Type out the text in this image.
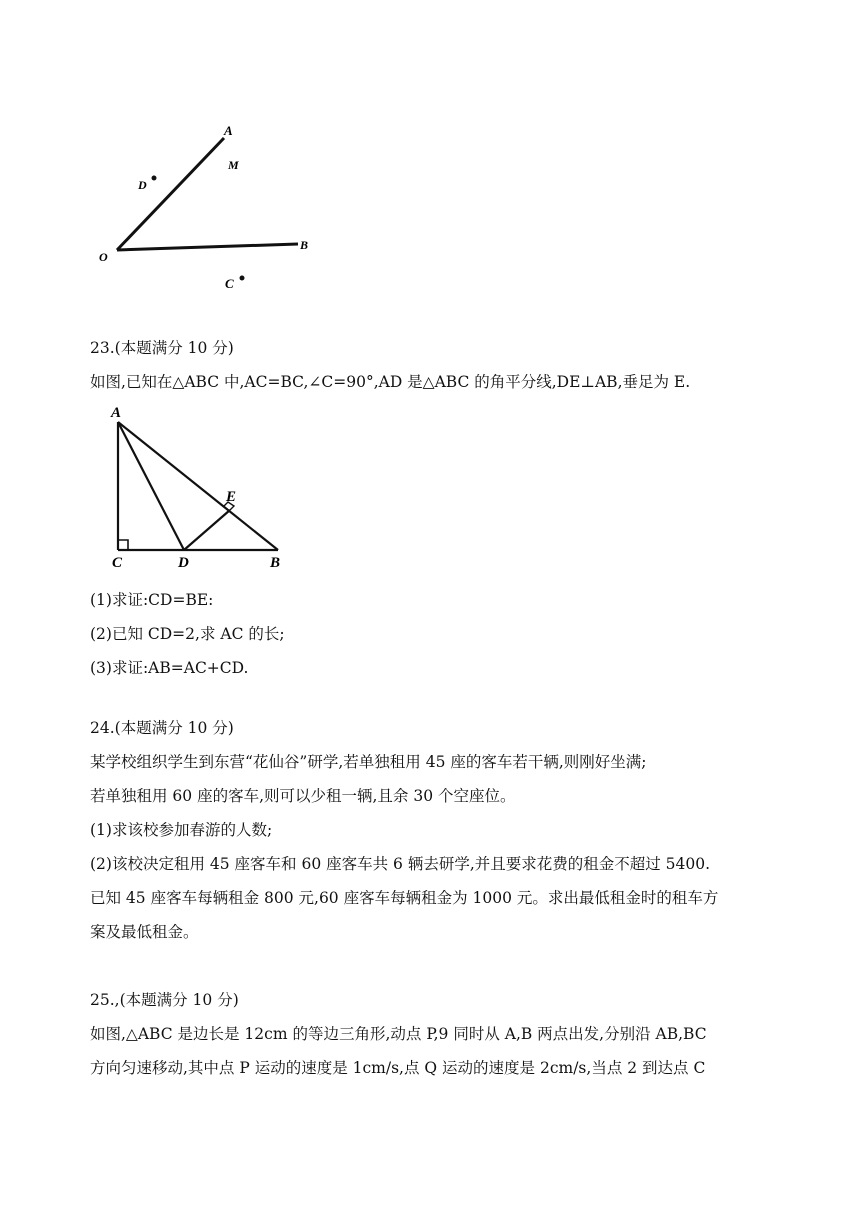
A
M
D
O
B
C
23.(本题满分 10 分)
如图,已知在△ABC 中,AC=BC,∠C=90°,AD 是△ABC 的角平分线,DE⊥AB,垂足为 E.
A
E
C	D	B
(1)求证:CD=BE:
(2)已知 CD=2,求 AC 的长;
(3)求证:AB=AC+CD.
24.(本题满分 10 分)
某学校组织学生到东营“花仙谷”研学,若单独租用 45 座的客车若干辆,则刚好坐满;
若单独租用 60 座的客车,则可以少租一辆,且余 30 个空座位。
(1)求该校参加春游的人数;
(2)该校决定租用 45 座客车和 60 座客车共 6 辆去研学,并且要求花费的租金不超过 5400.
已知 45 座客车每辆租金 800 元,60 座客车每辆租金为 1000 元。求出最低租金时的租车方
案及最低租金。
25.,(本题满分 10 分)
如图,△ABC 是边长是 12cm 的等边三角形,动点 P,9 同时从 A,B 两点出发,分别沿 AB,BC
方向匀速移动,其中点 P 运动的速度是 1cm/s,点 Q 运动的速度是 2cm/s,当点 2 到达点 C
